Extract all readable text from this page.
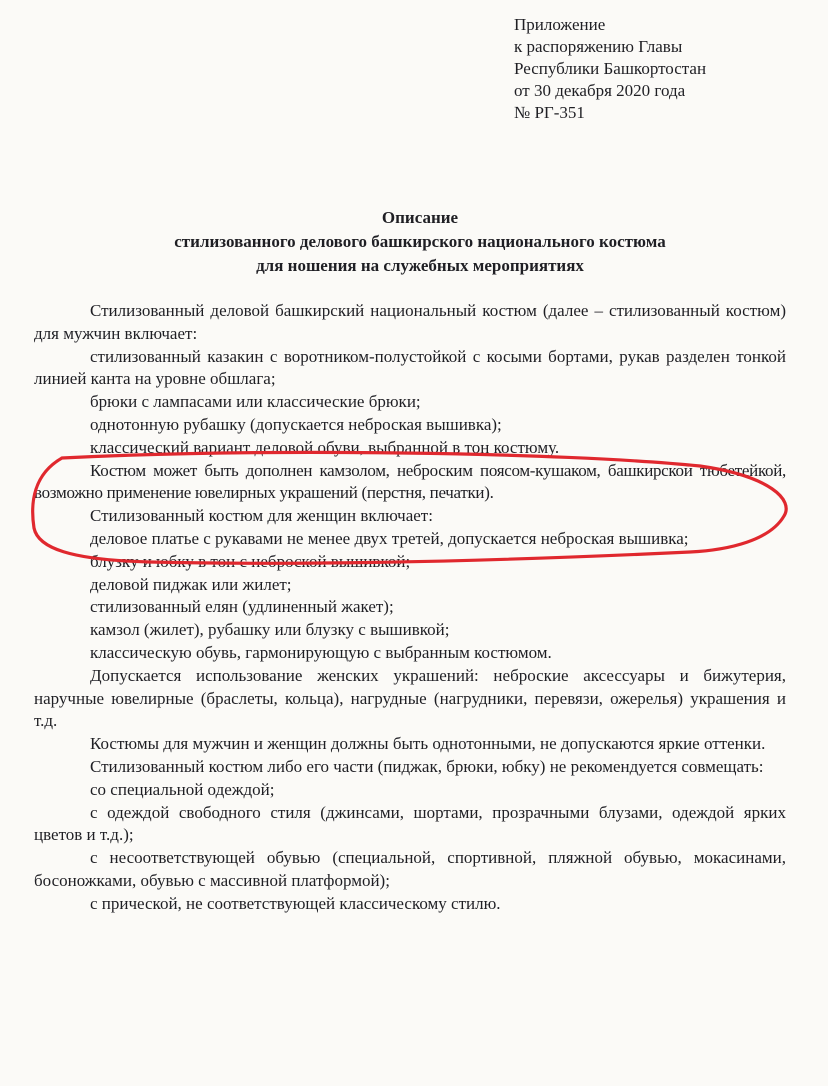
Приложение
к распоряжению Главы
Республики Башкортостан
от 30 декабря 2020 года
№ РГ-351
Описание
стилизованного делового башкирского национального костюма
для ношения на служебных мероприятиях

Стилизованный деловой башкирский национальный костюм (далее – стилизованный костюм) для мужчин включает:

стилизованный казакин с воротником-полустойкой с косыми бортами, рукав разделен тонкой линией канта на уровне обшлага;

брюки с лампасами или классические брюки;

однотонную рубашку (допускается неброская вышивка);

классический вариант деловой обуви, выбранной в тон костюму.

Костюм может быть дополнен камзолом, неброским поясом-кушаком, башкирской тюбетейкой, возможно применение ювелирных украшений (перстня, печатки).

Стилизованный костюм для женщин включает:

деловое платье с рукавами не менее двух третей, допускается неброская вышивка;

блузку и юбку в тон с неброской вышивкой;

деловой пиджак или жилет;

стилизованный елян (удлиненный жакет);

камзол (жилет), рубашку или блузку с вышивкой;

классическую обувь, гармонирующую с выбранным костюмом.

Допускается использование женских украшений: неброские аксессуары и бижутерия, наручные ювелирные (браслеты, кольца), нагрудные (нагрудники, перевязи, ожерелья) украшения и т.д.

Костюмы для мужчин и женщин должны быть однотонными, не допускаются яркие оттенки.

Стилизованный костюм либо его части (пиджак, брюки, юбку) не рекомендуется совмещать:

со специальной одеждой;

с одеждой свободного стиля (джинсами, шортами, прозрачными блузами, одеждой ярких цветов и т.д.);

с несоответствующей обувью (специальной, спортивной, пляжной обувью, мокасинами, босоножками, обувью с массивной платформой);

с прической, не соответствующей классическому стилю.
